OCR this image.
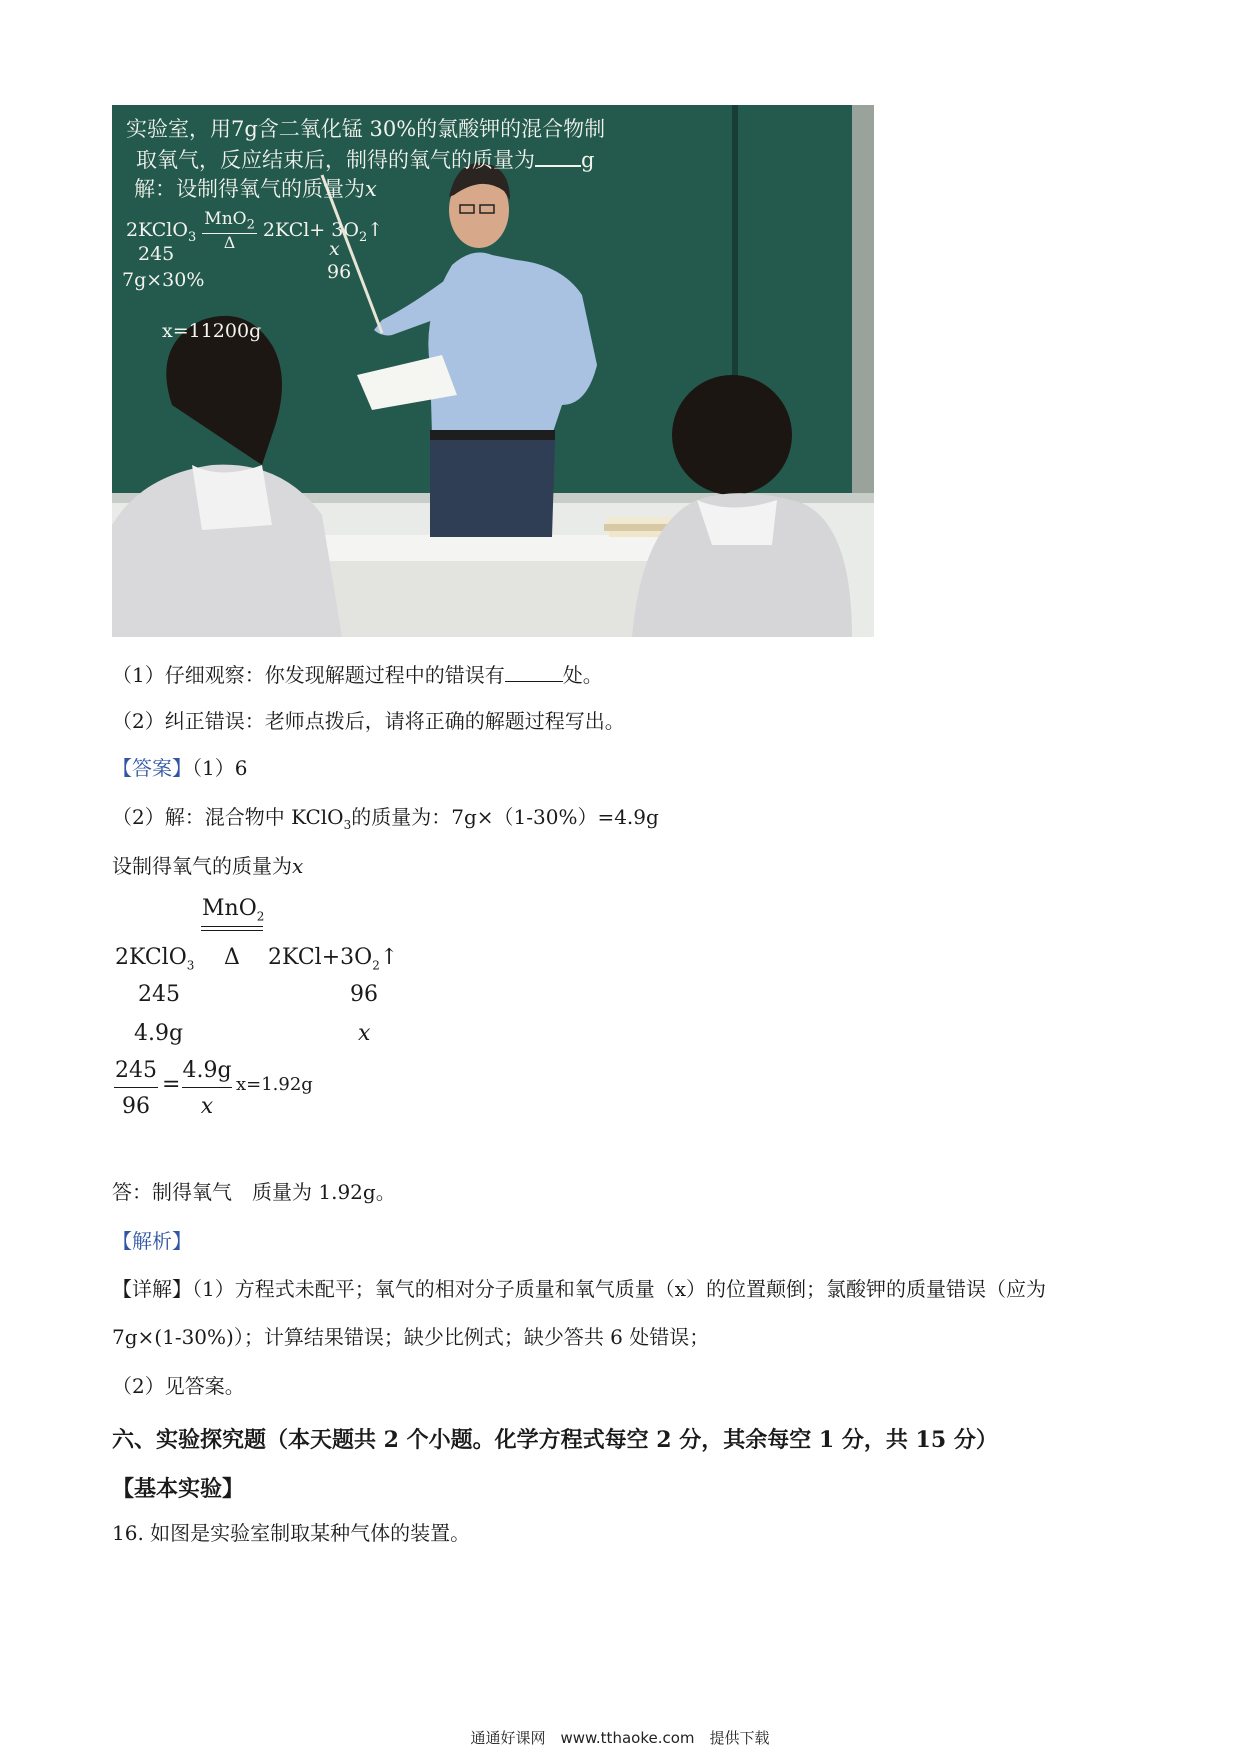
实验室，用7g含二氧化锰 30%的氯酸钾的混合物制
取氧气，反应结束后，制得的氧气的质量为 g
解：设制得氧气的质量为x
2KClO$_3$ $\frac{MnO_2}{\Delta} 2KCl+$ $3O_2↑$
x
245
96
7g×30%
x=11200g
（1）仔细观察：你发现解题过程中的错误有	处。
（2）纠正错误：老师点拨后，请将正确的解题过程写出。
【答案】（1）6
（2）解：混合物中 KClO$_3$的质量为：7g×（1-30%）=4.9g
设制得氧气的质量为x
MnO$_2$
2KClO$_3$ Δ $2KCl+3O_2↑$
245	96
4.9g	x
$\frac{245}{96} = \frac{4.9g}{x} x=1.92g$
答：制得氧气　质量为 1.92g。
【解析】
【详解】（1）方程式未配平；氧气的相对分子质量和氧气质量（x）的位置颠倒；氯酸钾的质量错误（应为
7g×(1-30%)）；计算结果错误；缺少比例式；缺少答共 6 处错误；
（2）见答案。
六、实验探究题（本天题共 2 个小题。化学方程式每空 2 分，其余每空 1 分，共 15 分）
【基本实验】
16. 如图是实验室制取某种气体的装置。
通通好课网　www.tthaoke.com　提供下载
